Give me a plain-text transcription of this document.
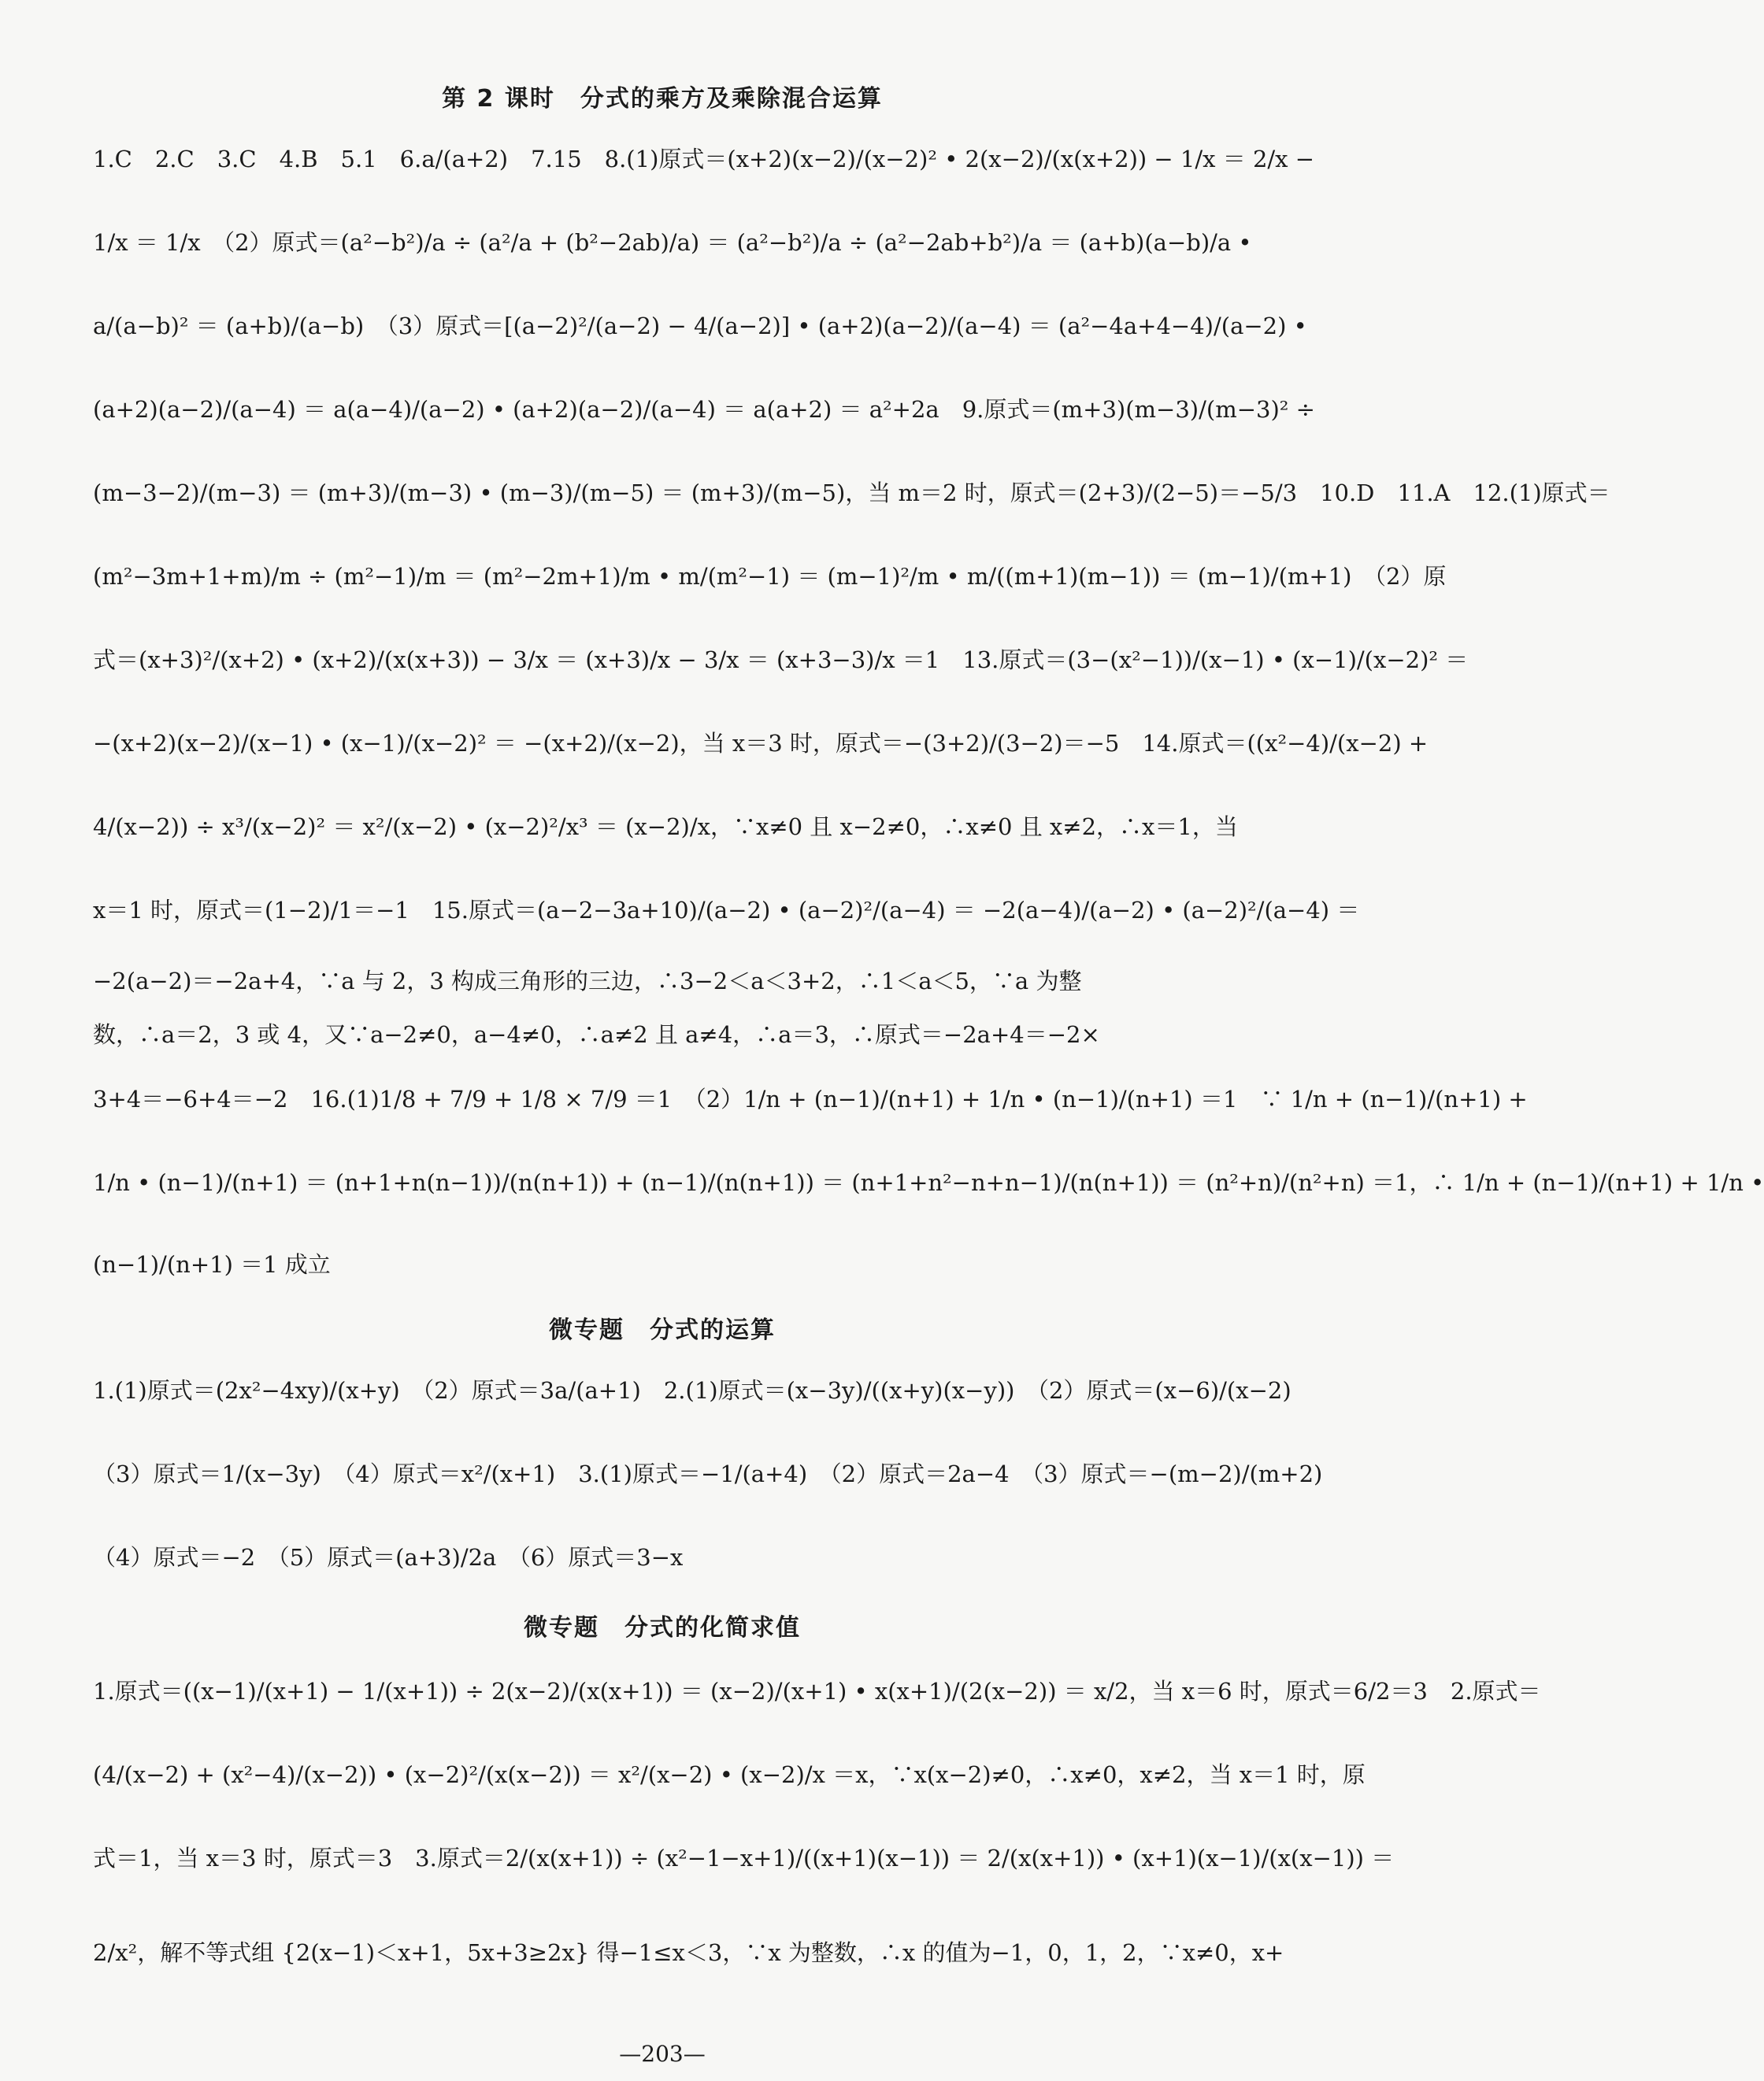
第 2 课时　分式的乘方及乘除混合运算
1.C　2.C　3.C　4.B　5.1　6.a/(a+2)　7.15　8.(1)原式＝(x+2)(x−2)/(x−2)² • 2(x−2)/(x(x+2)) − 1/x ＝ 2/x −
1/x ＝ 1/x　（2）原式＝(a²−b²)/a ÷ (a²/a + (b²−2ab)/a) ＝ (a²−b²)/a ÷ (a²−2ab+b²)/a ＝ (a+b)(a−b)/a •
a/(a−b)² ＝ (a+b)/(a−b)　（3）原式＝[(a−2)²/(a−2) − 4/(a−2)] • (a+2)(a−2)/(a−4) ＝ (a²−4a+4−4)/(a−2) •
(a+2)(a−2)/(a−4) ＝ a(a−4)/(a−2) • (a+2)(a−2)/(a−4) ＝ a(a+2) ＝ a²+2a　9.原式＝(m+3)(m−3)/(m−3)² ÷
(m−3−2)/(m−3) ＝ (m+3)/(m−3) • (m−3)/(m−5) ＝ (m+3)/(m−5)，当 m＝2 时，原式＝(2+3)/(2−5)＝−5/3　10.D　11.A　12.(1)原式＝
(m²−3m+1+m)/m ÷ (m²−1)/m ＝ (m²−2m+1)/m • m/(m²−1) ＝ (m−1)²/m • m/((m+1)(m−1)) ＝ (m−1)/(m+1)　（2）原
式＝(x+3)²/(x+2) • (x+2)/(x(x+3)) − 3/x ＝ (x+3)/x − 3/x ＝ (x+3−3)/x ＝1　13.原式＝(3−(x²−1))/(x−1) • (x−1)/(x−2)² ＝
−(x+2)(x−2)/(x−1) • (x−1)/(x−2)² ＝ −(x+2)/(x−2)，当 x＝3 时，原式＝−(3+2)/(3−2)＝−5　14.原式＝((x²−4)/(x−2) +
4/(x−2)) ÷ x³/(x−2)² ＝ x²/(x−2) • (x−2)²/x³ ＝ (x−2)/x，∵x≠0 且 x−2≠0，∴x≠0 且 x≠2，∴x＝1，当
x＝1 时，原式＝(1−2)/1＝−1　15.原式＝(a−2−3a+10)/(a−2) • (a−2)²/(a−4) ＝ −2(a−4)/(a−2) • (a−2)²/(a−4) ＝
−2(a−2)＝−2a+4，∵a 与 2，3 构成三角形的三边，∴3−2＜a＜3+2，∴1＜a＜5，∵a 为整
数，∴a＝2，3 或 4，又∵a−2≠0，a−4≠0，∴a≠2 且 a≠4，∴a＝3，∴原式＝−2a+4＝−2×
3+4＝−6+4＝−2　16.(1)1/8 + 7/9 + 1/8 × 7/9 ＝1　（2）1/n + (n−1)/(n+1) + 1/n • (n−1)/(n+1) ＝1　∵ 1/n + (n−1)/(n+1) +
1/n • (n−1)/(n+1) ＝ (n+1+n(n−1))/(n(n+1)) + (n−1)/(n(n+1)) ＝ (n+1+n²−n+n−1)/(n(n+1)) ＝ (n²+n)/(n²+n) ＝1，∴ 1/n + (n−1)/(n+1) + 1/n •
(n−1)/(n+1) ＝1 成立
微专题　分式的运算
1.(1)原式＝(2x²−4xy)/(x+y)　（2）原式＝3a/(a+1)　2.(1)原式＝(x−3y)/((x+y)(x−y))　（2）原式＝(x−6)/(x−2)
（3）原式＝1/(x−3y)　（4）原式＝x²/(x+1)　3.(1)原式＝−1/(a+4)　（2）原式＝2a−4　（3）原式＝−(m−2)/(m+2)
（4）原式＝−2　（5）原式＝(a+3)/2a　（6）原式＝3−x
微专题　分式的化简求值
1.原式＝((x−1)/(x+1) − 1/(x+1)) ÷ 2(x−2)/(x(x+1)) ＝ (x−2)/(x+1) • x(x+1)/(2(x−2)) ＝ x/2，当 x＝6 时，原式＝6/2＝3　2.原式＝
(4/(x−2) + (x²−4)/(x−2)) • (x−2)²/(x(x−2)) ＝ x²/(x−2) • (x−2)/x ＝x，∵x(x−2)≠0，∴x≠0，x≠2，当 x＝1 时，原
式＝1，当 x＝3 时，原式＝3　3.原式＝2/(x(x+1)) ÷ (x²−1−x+1)/((x+1)(x−1)) ＝ 2/(x(x+1)) • (x+1)(x−1)/(x(x−1)) ＝
2/x²，解不等式组 {2(x−1)＜x+1，5x+3≥2x} 得−1≤x＜3，∵x 为整数，∴x 的值为−1，0，1，2，∵x≠0，x+
—203—
